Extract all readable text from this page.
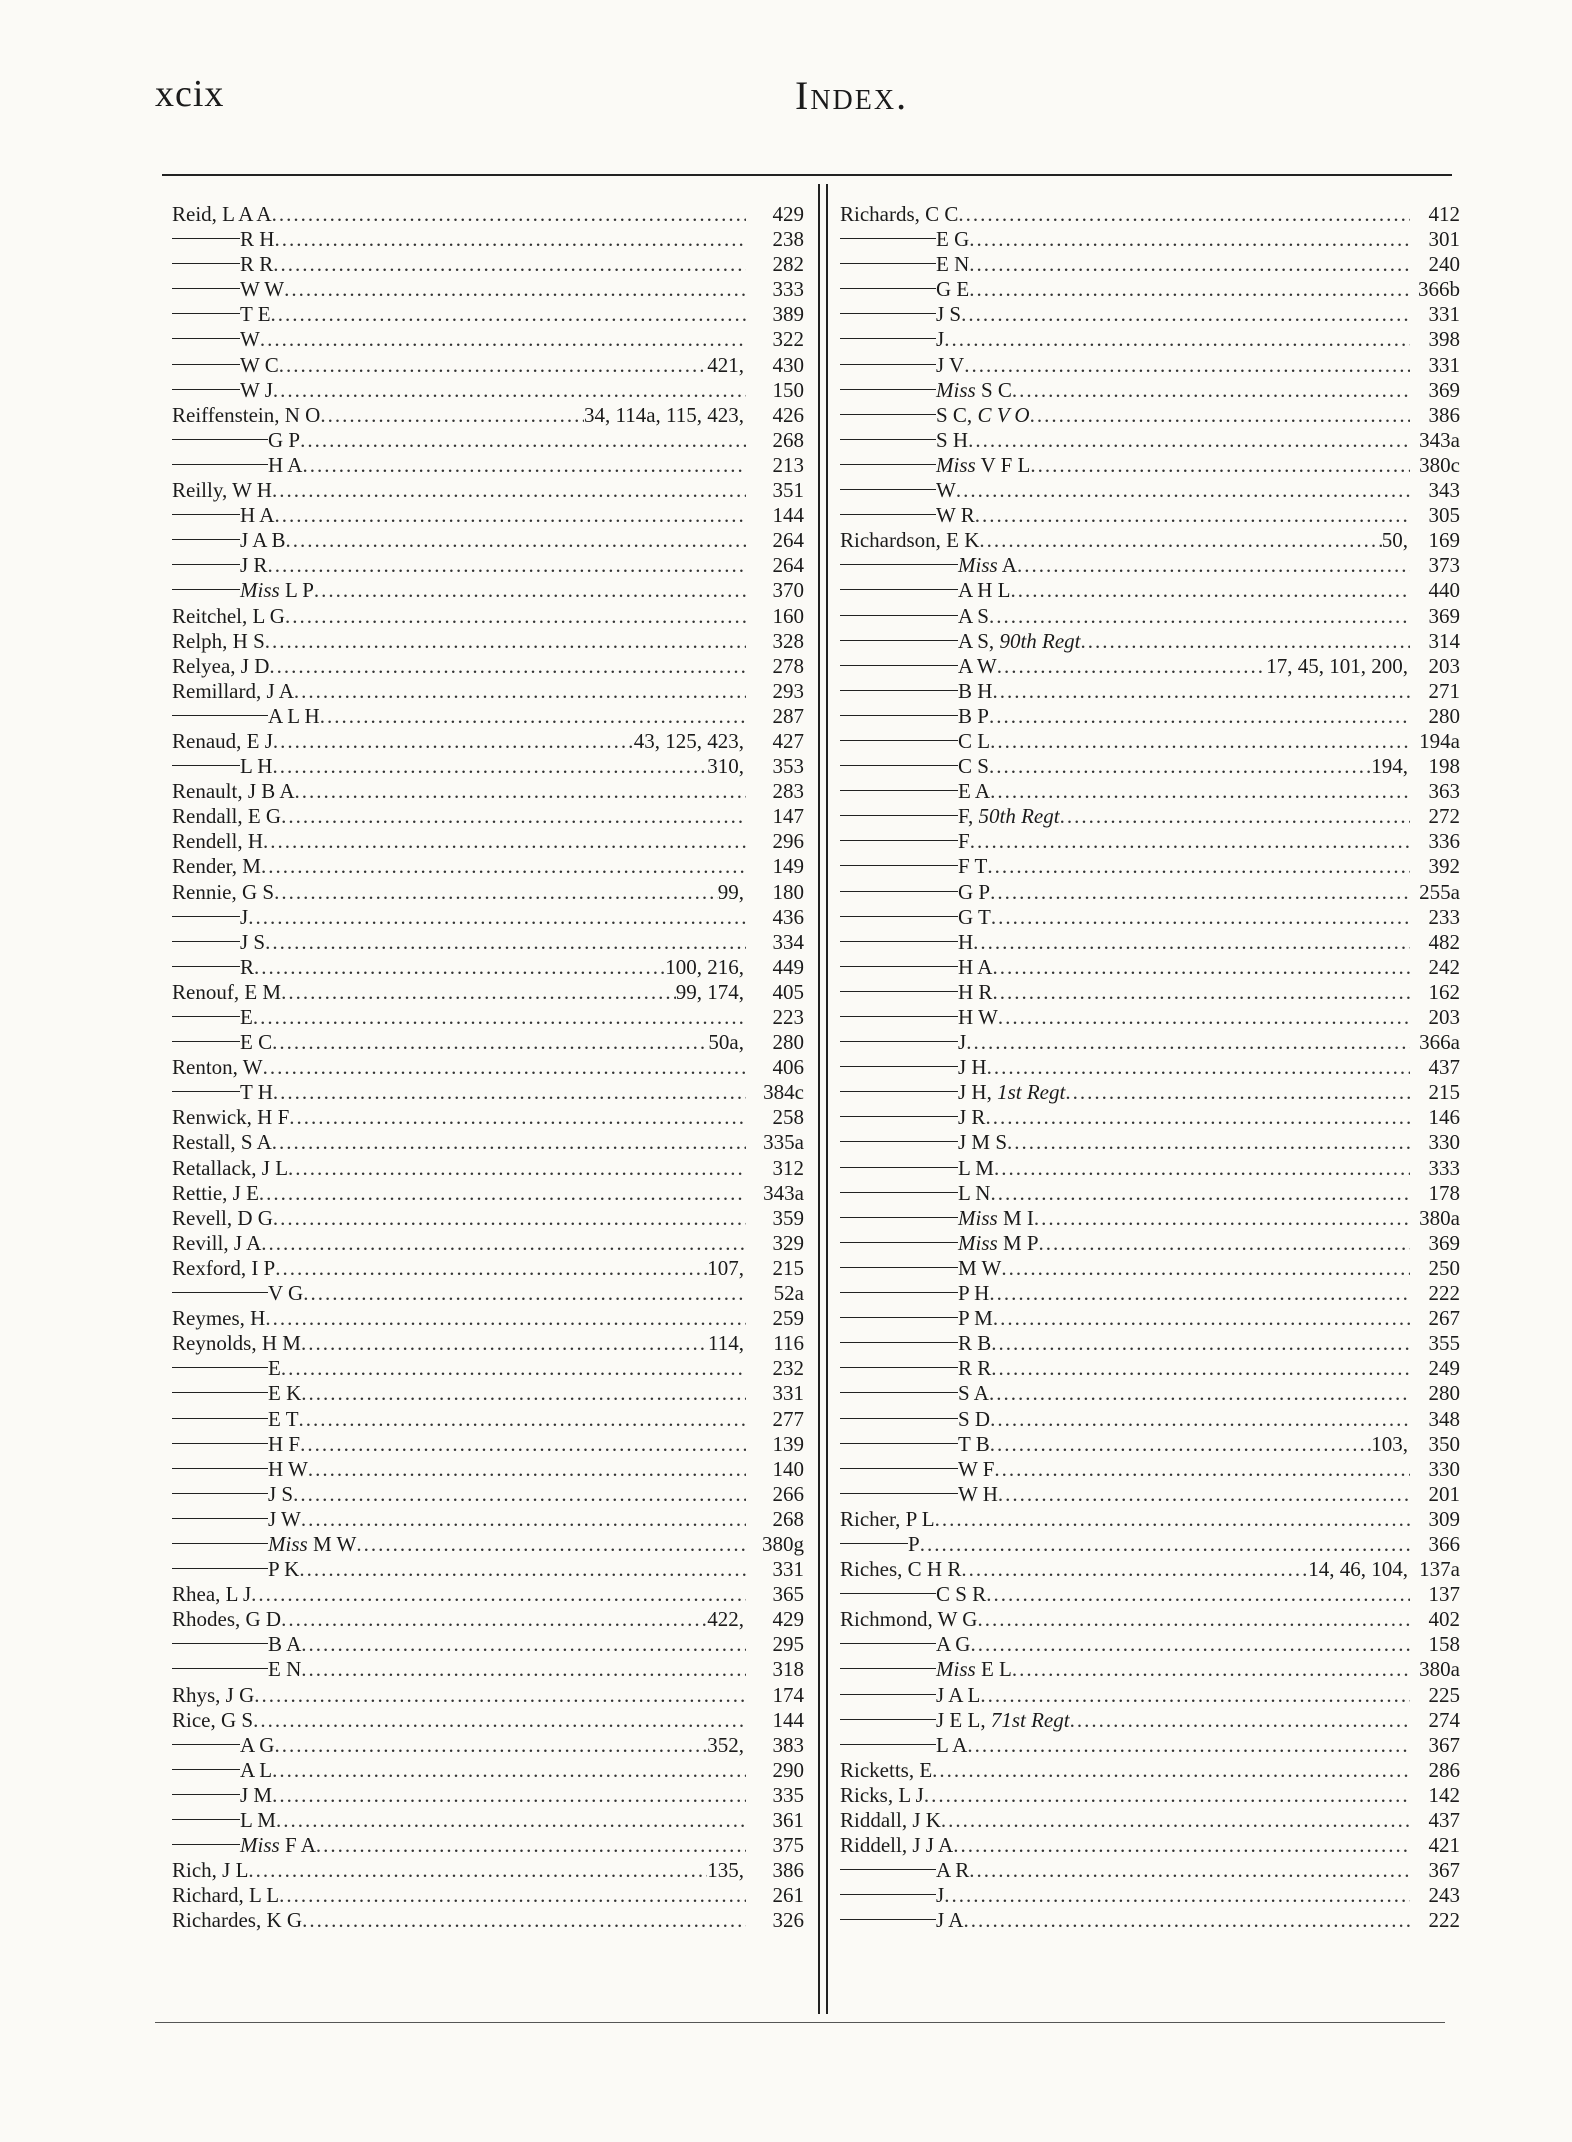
xcix	Index.
Reid, L A A .....	429
R H .....	238
R R .....	282
W W .....	333
T E .....	389
W .....	322
W C .....	421,	430
W J .....	150
Reiffenstein, N O .....	34, 114a, 115, 423,	426
G P .....	268
H A .....	213
Reilly, W H .....	351
H A .....	144
J A B .....	264
J R .....	264
Miss L P .....	370
Reitchel, L G .....	160
Relph, H S .....	328
Relyea, J D .....	278
Remillard, J A .....	293
A L H .....	287
Renaud, E J .....	43, 125, 423,	427
L H .....	310,	353
Renault, J B A .....	283
Rendall, E G .....	147
Rendell, H .....	296
Render, M .....	149
Rennie, G S .....	99,	180
J .....	436
J S .....	334
R .....	100, 216,	449
Renouf, E M .....	99, 174,	405
E .....	223
E C .....	50a,	280
Renton, W .....	406
T H .....	384c
Renwick, H F .....	258
Restall, S A .....	335a
Retallack, J L .....	312
Rettie, J E .....	343a
Revell, D G .....	359
Revill, J A .....	329
Rexford, I P .....	107,	215
V G .....	52a
Reymes, H .....	259
Reynolds, H M .....	114,	116
E .....	232
E K .....	331
E T .....	277
H F .....	139
H W .....	140
J S .....	266
J W .....	268
Miss M W .....	380g
P K .....	331
Rhea, L J .....	365
Rhodes, G D .....	422,	429
B A .....	295
E N .....	318
Rhys, J G .....	174
Rice, G S .....	144
A G .....	352,	383
A L .....	290
J M .....	335
L M .....	361
Miss F A .....	375
Rich, J L .....	135,	386
Richard, L L .....	261
Richardes, K G .....	326
Richards, C C .....	412
E G .....	301
E N .....	240
G E .....	366b
J S .....	331
J .....	398
J V .....	331
Miss S C .....	369
S C, C V O .....	386
S H .....	343a
Miss V F L .....	380c
W .....	343
W R .....	305
Richardson, E K .....	50, 169
Miss A .....	373
A H L .....	440
A S .....	369
A S, 90th Regt .....	314
A W .....	17, 45, 101, 200, 203
B H .....	271
B P .....	280
C L .....	194a
C S .....	194, 198
E A .....	363
F, 50th Regt .....	272
F .....	336
F T .....	392
G P .....	255a
G T .....	233
H .....	482
H A .....	242
H R .....	162
H W .....	203
J .....	366a
J H .....	437
J H, 1st Regt .....	215
J R .....	146
J M S .....	330
L M .....	333
L N .....	178
Miss M I .....	380a
Miss M P .....	369
M W .....	250
P H .....	222
P M .....	267
R B .....	355
R R .....	249
S A .....	280
S D .....	348
T B .....	103, 350
W F .....	330
W H .....	201
Richer, P L .....	309
P .....	366
Riches, C H R .....	14, 46, 104, 137a
C S R .....	137
Richmond, W G .....	402
A G .....	158
Miss E L .....	380a
J A L .....	225
J E L, 71st Regt .....	274
L A .....	367
Ricketts, E .....	286
Ricks, L J .....	142
Riddall, J K .....	437
Riddell, J J A .....	421
A R .....	367
J .....	243
J A .....	222
